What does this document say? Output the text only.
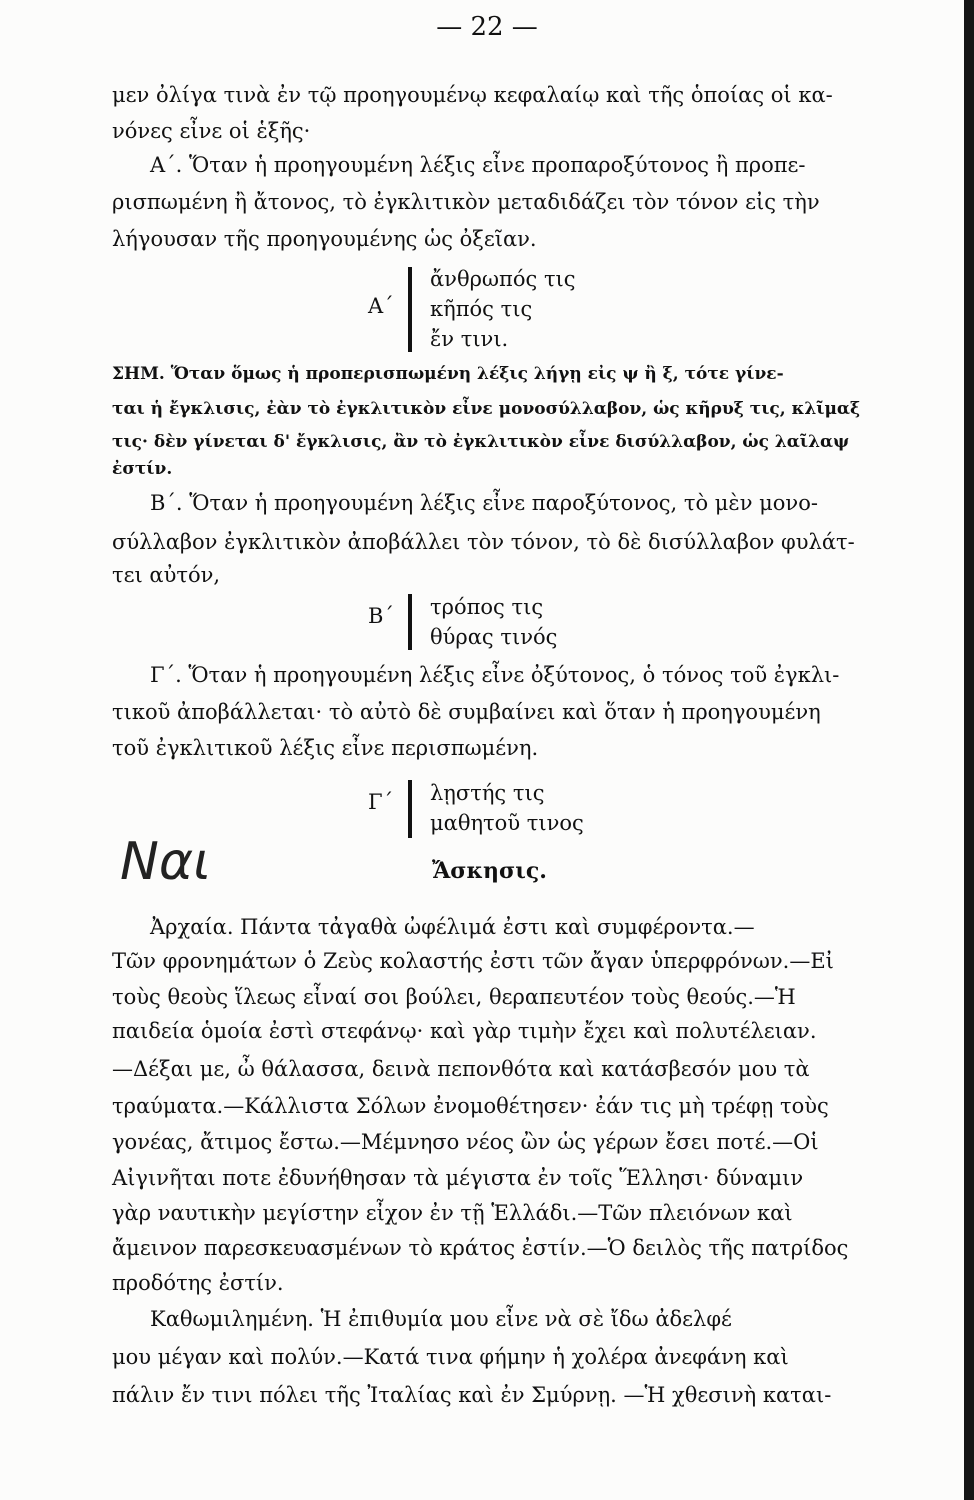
— 22 —
μεν ὀλίγα τινὰ ἐν τῷ προηγουμένῳ κεφαλαίῳ καὶ τῆς ὁποίας οἱ κα-
νόνες εἶνε οἱ ἑξῆς·
Α΄. Ὅταν ἡ προηγουμένη λέξις εἶνε προπαροξύτονος ἢ προπε-
ρισπωμένη ἢ ἄτονος, τὸ ἐγκλιτικὸν μεταδιδάζει τὸν τόνον εἰς τὴν
λήγουσαν τῆς προηγουμένης ὡς ὀξεῖαν.
Α΄
ἄνθρωπός τις
κῆπός τις
ἔν τινι.
ΣΗΜ. Ὅταν ὅμως ἡ προπερισπωμένη λέξις λήγῃ εἰς ψ ἢ ξ, τότε γίνε-
ται ἡ ἔγκλισις, ἐὰν τὸ ἐγκλιτικὸν εἶνε μονοσύλλαβον, ὡς κῆρυξ τις, κλῖμαξ
τις· δὲν γίνεται δ' ἔγκλισις, ἂν τὸ ἐγκλιτικὸν εἶνε δισύλλαβον, ὡς λαῖλαψ
ἐστίν.
Β΄. Ὅταν ἡ προηγουμένη λέξις εἶνε παροξύτονος, τὸ μὲν μονο-
σύλλαβον ἐγκλιτικὸν ἀποβάλλει τὸν τόνον, τὸ δὲ δισύλλαβον φυλάτ-
τει αὐτόν,
Β΄ τρόπος τις
θύρας τινός
Γ΄. Ὅταν ἡ προηγουμένη λέξις εἶνε ὀξύτονος, ὁ τόνος τοῦ ἐγκλι-
τικοῦ ἀποβάλλεται· τὸ αὐτὸ δὲ συμβαίνει καὶ ὅταν ἡ προηγουμένη
τοῦ ἐγκλιτικοῦ λέξις εἶνε περισπωμένη.
Γ΄ λῃστής τις
μαθητοῦ τινος
Ναι	Ἄσκησις.
Ἀρχαία. Πάντα τἀγαθὰ ὠφέλιμά ἐστι καὶ συμφέροντα.—
Τῶν φρονημάτων ὁ Ζεὺς κολαστής ἐστι τῶν ἄγαν ὑπερφρόνων.—Εἰ
τοὺς θεοὺς ἵλεως εἶναί σοι βούλει, θεραπευτέον τοὺς θεούς.—Ἡ
παιδεία ὁμοία ἐστὶ στεφάνῳ· καὶ γὰρ τιμὴν ἔχει καὶ πολυτέλειαν.
—Δέξαι με, ὦ θάλασσα, δεινὰ πεπονθότα καὶ κατάσβεσόν μου τὰ
τραύματα.—Κάλλιστα Σόλων ἐνομοθέτησεν· ἐάν τις μὴ τρέφῃ τοὺς
γονέας, ἄτιμος ἔστω.—Μέμνησο νέος ὢν ὡς γέρων ἔσει ποτέ.—Οἱ
Αἰγινῆται ποτε ἐδυνήθησαν τὰ μέγιστα ἐν τοῖς Ἕλλησι· δύναμιν
γὰρ ναυτικὴν μεγίστην εἶχον ἐν τῇ Ἑλλάδι.—Τῶν πλειόνων καὶ
ἄμεινον παρεσκευασμένων τὸ κράτος ἐστίν.—Ὁ δειλὸς τῆς πατρίδος
προδότης ἐστίν.
Καθωμιλημένη. Ἡ ἐπιθυμία μου εἶνε νὰ σὲ ἴδω ἀδελφέ
μου μέγαν καὶ πολύν.—Κατά τινα φήμην ἡ χολέρα ἀνεφάνη καὶ
πάλιν ἔν τινι πόλει τῆς Ἰταλίας καὶ ἐν Σμύρνῃ. —Ἡ χθεσινὴ καται-
